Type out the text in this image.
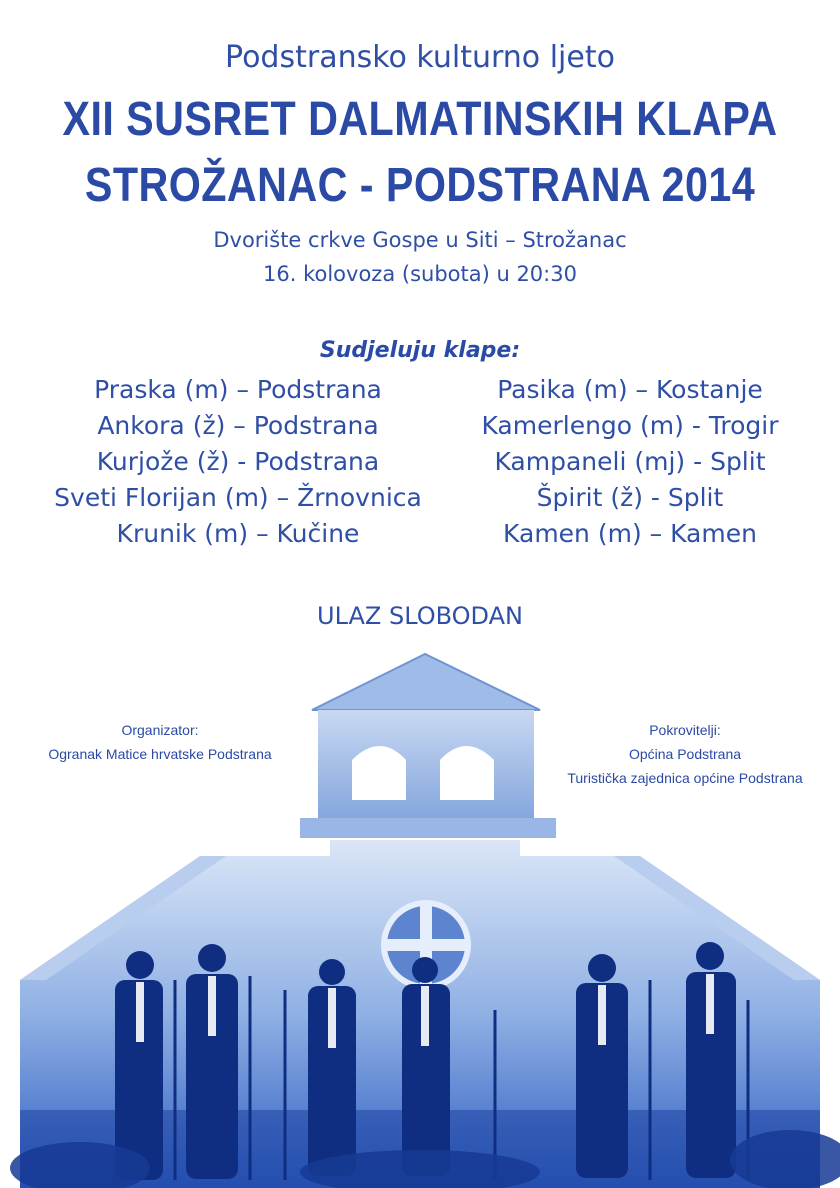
Podstransko kulturno ljeto
XII SUSRET DALMATINSKIH KLAPA
STROŽANAC - PODSTRANA 2014
Dvorište crkve Gospe u Siti – Strožanac
16. kolovoza (subota) u 20:30
Sudjeluju klape:
Praska (m) – Podstrana
Ankora (ž) – Podstrana
Kurjože (ž) - Podstrana
Sveti Florijan (m) – Žrnovnica
Krunik (m) – Kučine
Pasika (m) – Kostanje
Kamerlengo (m) - Trogir
Kampaneli (mj) - Split
Špirit (ž) - Split
Kamen (m) – Kamen
ULAZ SLOBODAN
Organizator:
Ogranak Matice hrvatske Podstrana
Pokrovitelji:
Općina Podstrana
Turistička zajednica općine Podstrana
